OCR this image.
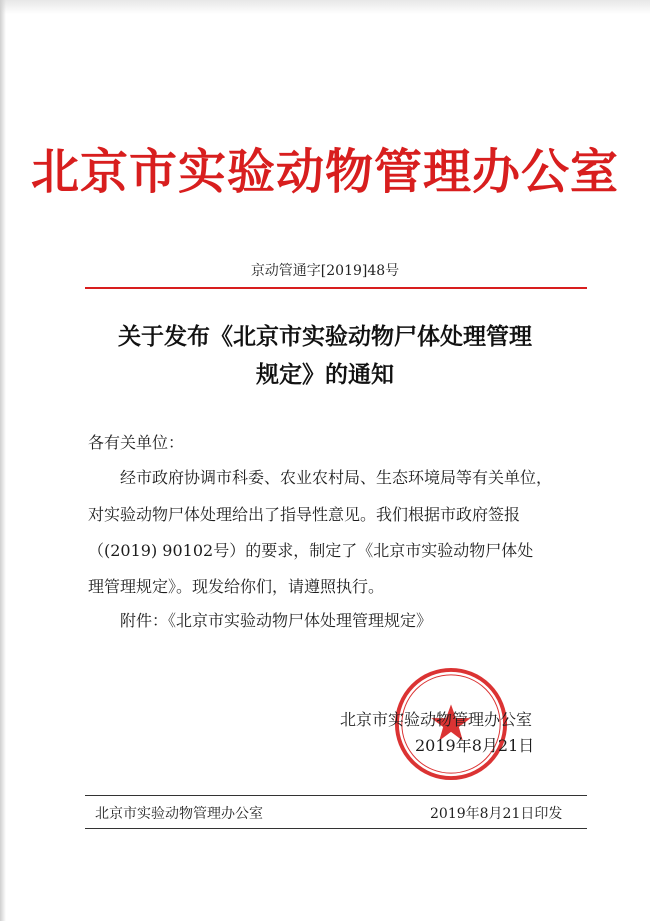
北京市实验动物管理办公室
京动管通字[2019]48号
关于发布《北京市实验动物尸体处理管理
规定》的通知
各有关单位：
经市政府协调市科委、农业农村局、生态环境局等有关单位，
对实验动物尸体处理给出了指导性意见。我们根据市政府签报
（(2019) 90102号）的要求，制定了《北京市实验动物尸体处
理管理规定》。现发给你们，请遵照执行。
附件：《北京市实验动物尸体处理管理规定》
北京市实验动物管理办公室
2019年8月21日
北京市实验动物管理办公室	2019年8月21日印发
